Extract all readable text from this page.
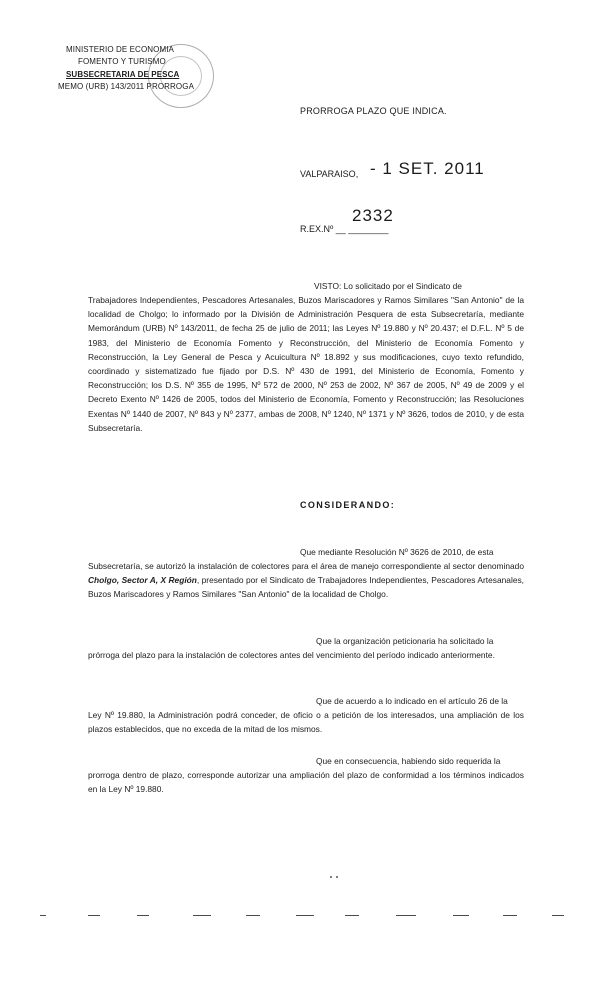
MINISTERIO DE ECONOMIA
FOMENTO Y TURISMO
SUBSECRETARIA DE PESCA
MEMO (URB) 143/2011 PRORROGA
PRORROGA PLAZO QUE INDICA.
VALPARAISO, - 1 SET. 2011
2332
R.EX.Nº __ ________
VISTO: Lo solicitado por el Sindicato de
Trabajadores Independientes, Pescadores Artesanales, Buzos Mariscadores y Ramos Similares "San Antonio" de la localidad de Cholgo; lo informado por la División de Administración Pesquera de esta Subsecretaría, mediante Memorándum (URB) Nº 143/2011, de fecha 25 de julio de 2011; las Leyes Nº 19.880 y Nº 20.437; el D.F.L. Nº 5 de 1983, del Ministerio de Economía Fomento y Reconstrucción, del Ministerio de Economía Fomento y Reconstrucción, la Ley General de Pesca y Acuicultura Nº 18.892 y sus modificaciones, cuyo texto refundido, coordinado y sistematizado fue fijado por D.S. Nº 430 de 1991, del Ministerio de Economía, Fomento y Reconstrucción; los D.S. Nº 355 de 1995, Nº 572 de 2000, Nº 253 de 2002, Nº 367 de 2005, Nº 49 de 2009 y el Decreto Exento Nº 1426 de 2005, todos del Ministerio de Economía, Fomento y Reconstrucción; las Resoluciones Exentas Nº 1440 de 2007, Nº 843 y Nº 2377, ambas de 2008, Nº 1240, Nº 1371 y Nº 3626, todos de 2010, y de esta Subsecretaría.
CONSIDERANDO:
Que mediante Resolución Nº 3626 de 2010, de esta
Subsecretaría, se autorizó la instalación de colectores para el área de manejo correspondiente al sector denominado Cholgo, Sector A, X Región, presentado por el Sindicato de Trabajadores Independientes, Pescadores Artesanales, Buzos Mariscadores y Ramos Similares "San Antonio" de la localidad de Cholgo.
Que la organización peticionaria ha solicitado la
prórroga del plazo para la instalación de colectores antes del vencimiento del período indicado anteriormente.
Que de acuerdo a lo indicado en el artículo 26 de la
Ley Nº 19.880, la Administración podrá conceder, de oficio o a petición de los interesados, una ampliación de los plazos establecidos, que no exceda de la mitad de los mismos.
Que en consecuencia, habiendo sido requerida la
prorroga dentro de plazo, corresponde autorizar una ampliación del plazo de conformidad a los términos indicados en la Ley Nº 19.880.
